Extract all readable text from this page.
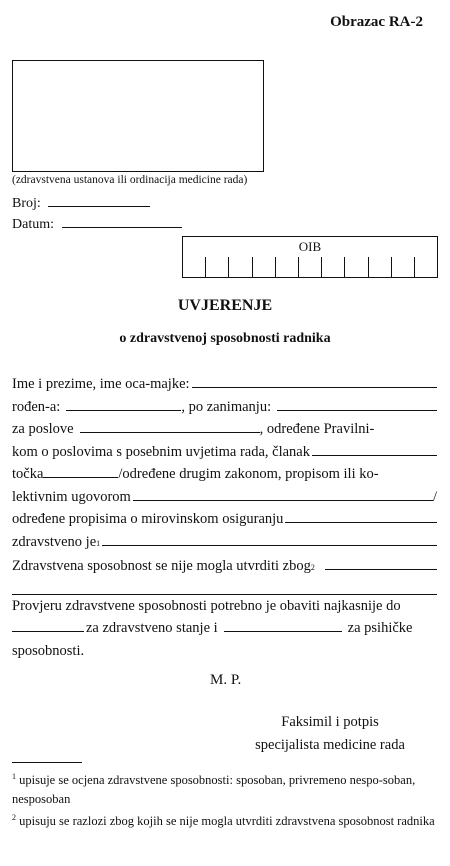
Obrazac RA-2
(zdravstvena ustanova ili ordinacija medicine rada)
Broj:
Datum:
OIB
UVJERENJE
o zdravstvenoj sposobnosti radnika
Ime i prezime, ime oca-majke:
rođen-a:	, po zanimanju:
za poslove	, određene Pravilni-
kom o poslovima s posebnim uvjetima rada, članak
točka	/određene drugim zakonom, propisom ili ko-
lektivnim ugovorom	/
određene propisima o mirovinskom osiguranju
zdravstveno je 1
Zdravstvena sposobnost se nije mogla utvrditi zbog 2
Provjeru zdravstvene sposobnosti potrebno je obaviti najkasnije do
za zdravstveno stanje i	za psihičke
sposobnosti.
M. P.
Faksimil i potpis
specijalista medicine rada
$^1$ upisuje se ocjena zdravstvene sposobnosti: sposoban, privremeno nespo-soban, nesposoban
$^2$ upisuju se razlozi zbog kojih se nije mogla utvrditi zdravstvena sposobnost radnika
